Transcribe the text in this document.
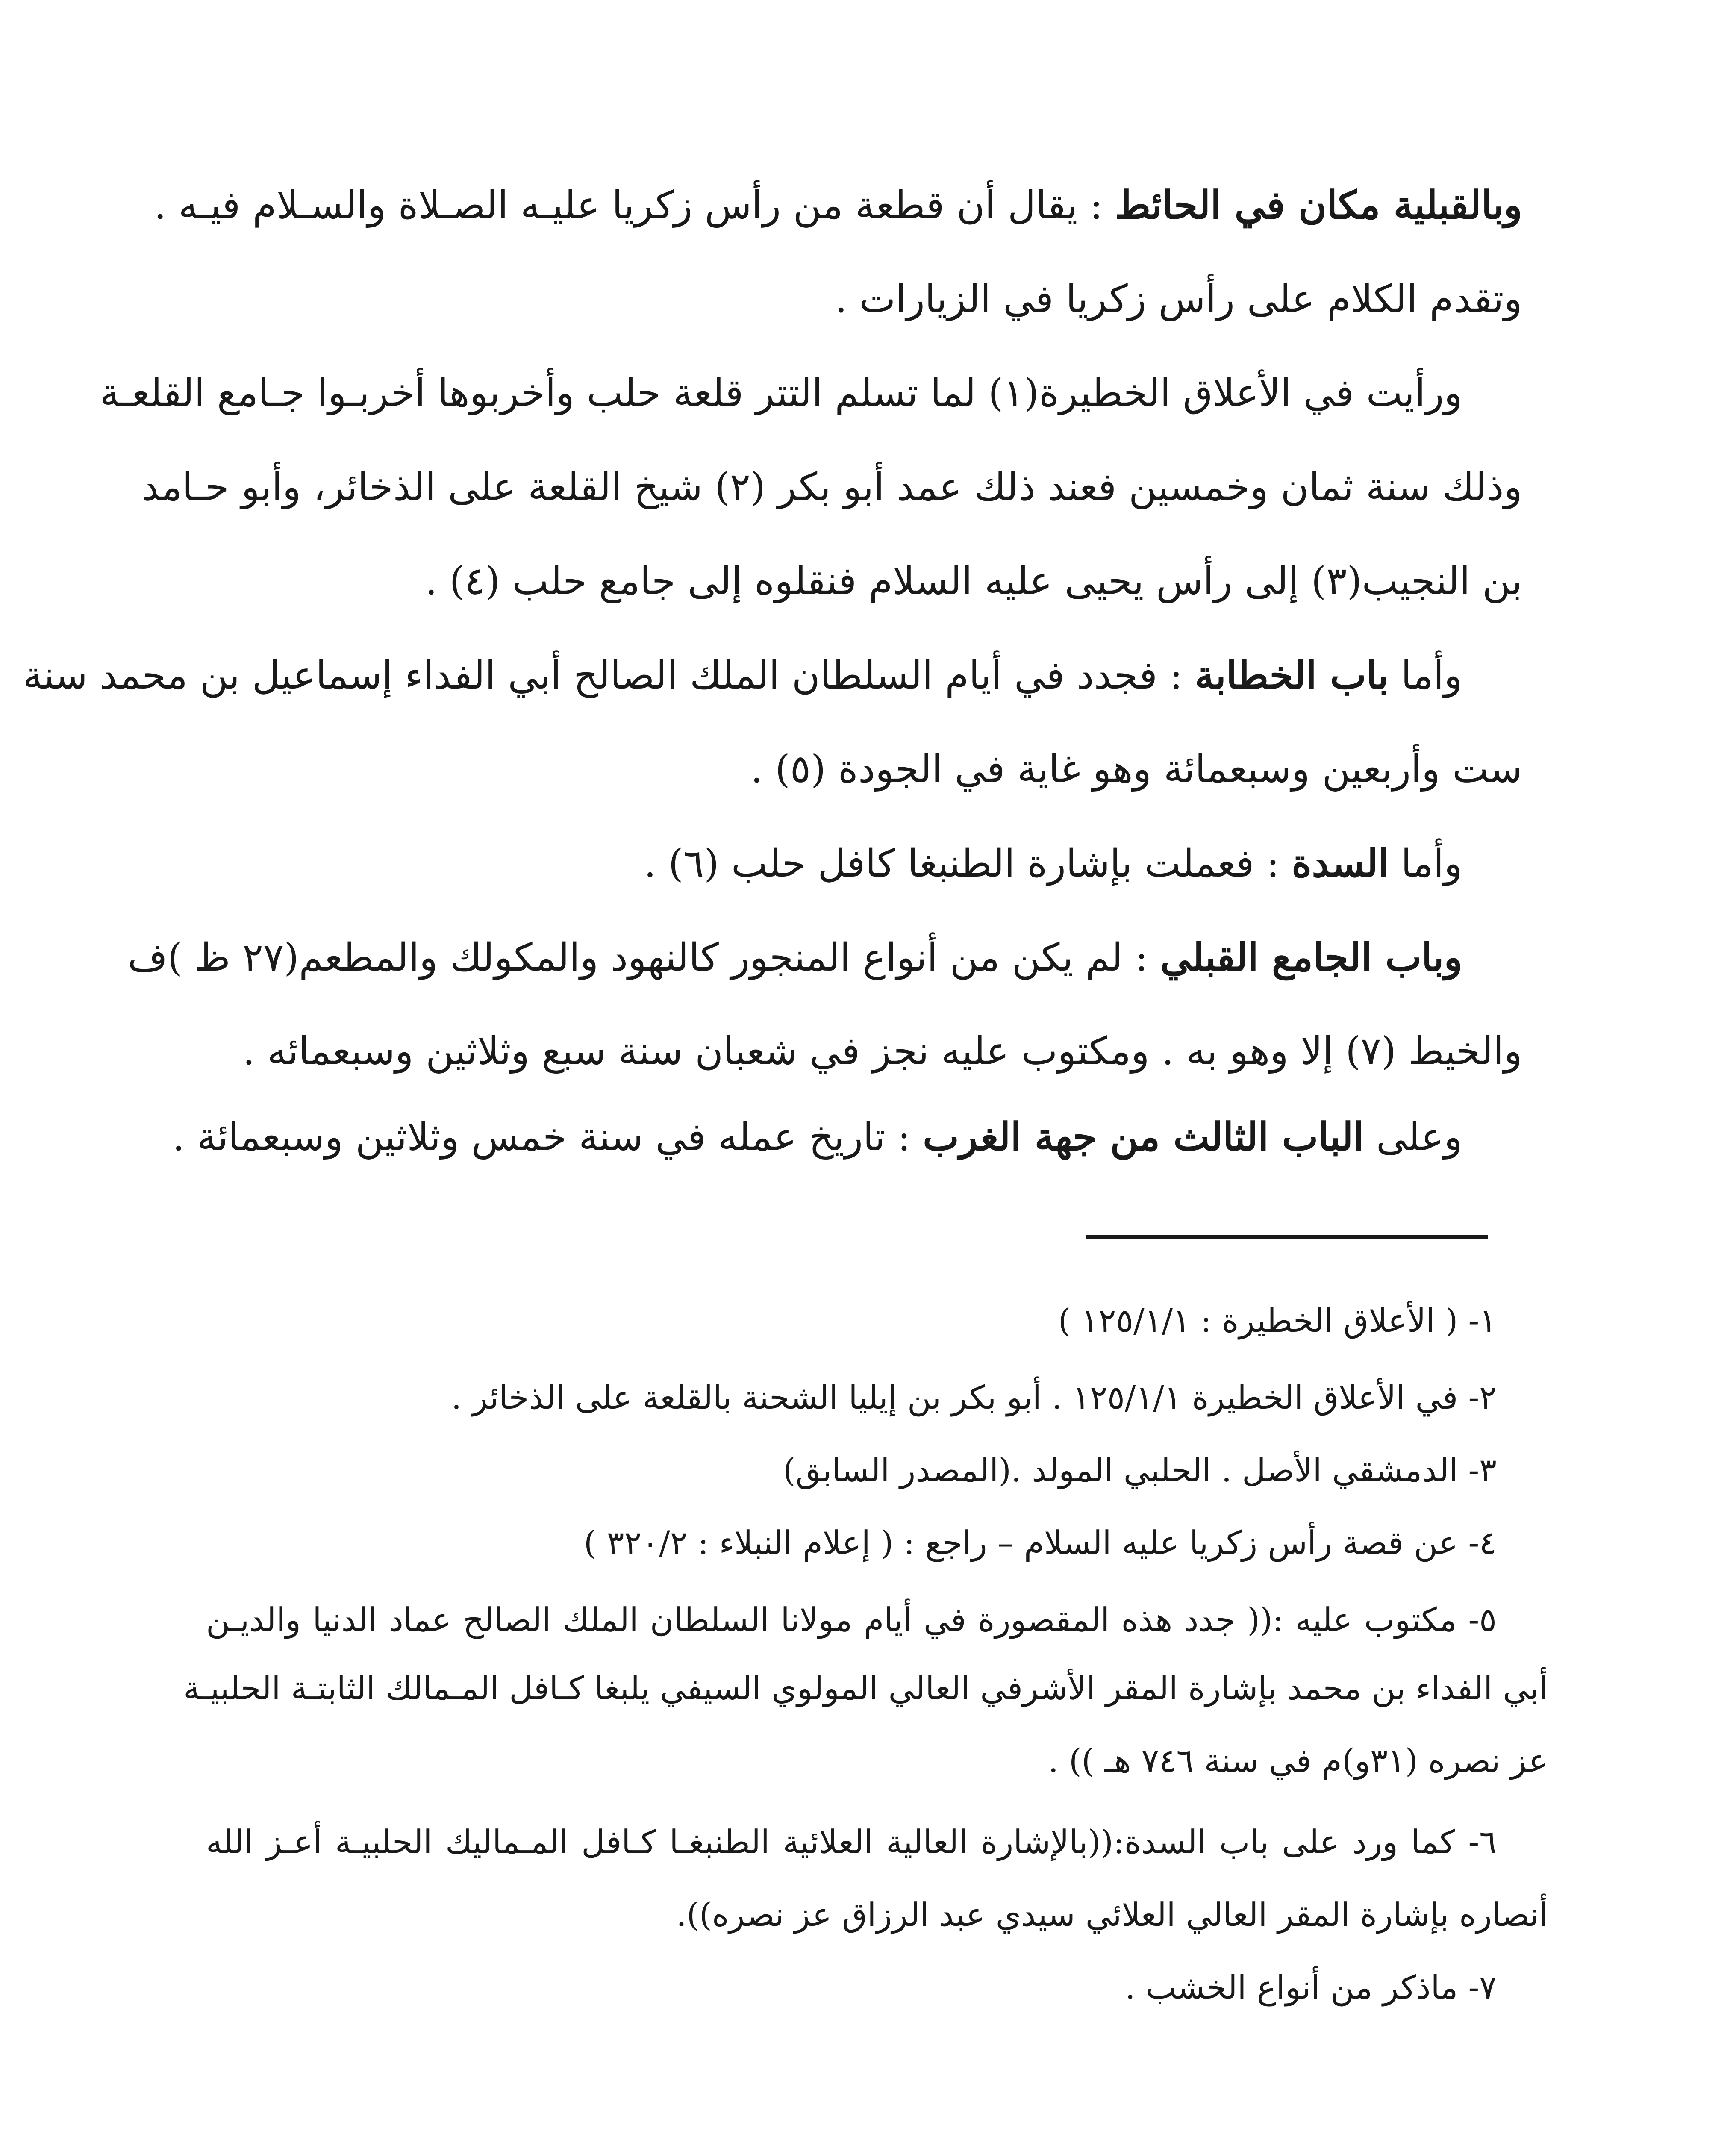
وبالقبلية مكان في الحائط : يقال أن قطعة من رأس زكريا عليـه الصـلاة والسـلام فيـه .
وتقدم الكلام على رأس زكريا في الزيارات .
ورأيت في الأعلاق الخطيرة(١) لما تسلم التتر قلعة حلب وأخربوها أخربـوا جـامع القلعـة
وذلك سنة ثمان وخمسين فعند ذلك عمد أبو بكر (٢) شيخ القلعة على الذخائر، وأبو حـامد
بن النجيب(٣) إلى رأس يحيى عليه السلام فنقلوه إلى جامع حلب (٤) .
وأما باب الخطابة : فجدد في أيام السلطان الملك الصالح أبي الفداء إسماعيل بن محمد سنة
ست وأربعين وسبعمائة وهو غاية في الجودة (٥) .
وأما السدة : فعملت بإشارة الطنبغا كافل حلب (٦) .
وباب الجامع القبلي : لم يكن من أنواع المنجور كالنهود والمكولك والمطعم(٢٧ ظ )ف
والخيط (٧) إلا وهو به . ومكتوب عليه نجز في شعبان سنة سبع وثلاثين وسبعمائه .
وعلى الباب الثالث من جهة الغرب : تاريخ عمله في سنة خمس وثلاثين وسبعمائة .
١- ( الأعلاق الخطيرة : ١٢٥/١/١ )
٢- في الأعلاق الخطيرة ١٢٥/١/١ . أبو بكر بن إيليا الشحنة بالقلعة على الذخائر .
٣- الدمشقي الأصل . الحلبي المولد .(المصدر السابق)
٤- عن قصة رأس زكريا عليه السلام – راجع : ( إعلام النبلاء : ٣٢٠/٢ )
٥- مكتوب عليه :(( جدد هذه المقصورة في أيام مولانا السلطان الملك الصالح عماد الدنيا والديـن
أبي الفداء بن محمد بإشارة المقر الأشرفي العالي المولوي السيفي يلبغا كـافل المـمالك الثابتـة الحلبيـة
عز نصره (٣١و)م في سنة ٧٤٦ هـ )) .
٦- كما ورد على باب السدة:((بالإشارة العالية العلائية الطنبغـا كـافل المـماليك الحلبيـة أعـز الله
أنصاره بإشارة المقر العالي العلائي سيدي عبد الرزاق عز نصره)).
٧- ماذكر من أنواع الخشب .
